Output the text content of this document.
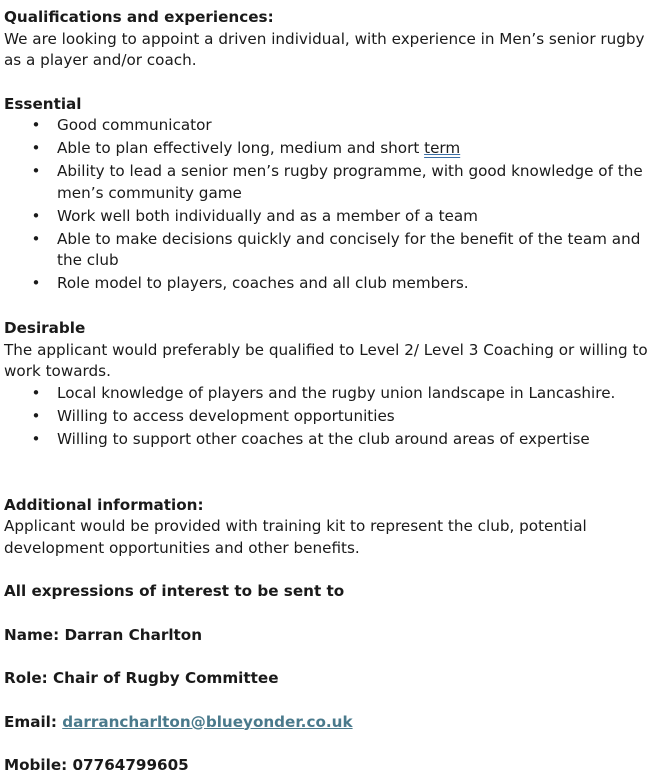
Qualifications and experiences:

We are looking to appoint a driven individual, with experience in Men’s senior rugby as a player and/or coach.

Essential

• Good communicator
• Able to plan effectively long, medium and short term
• Ability to lead a senior men’s rugby programme, with good knowledge of the men’s community game
• Work well both individually and as a member of a team
• Able to make decisions quickly and concisely for the benefit of the team and the club
• Role model to players, coaches and all club members.

Desirable

The applicant would preferably be qualified to Level 2/ Level 3 Coaching or willing to work towards.

• Local knowledge of players and the rugby union landscape in Lancashire.
• Willing to access development opportunities
• Willing to support other coaches at the club around areas of expertise

Additional information:

Applicant would be provided with training kit to represent the club, potential development opportunities and other benefits.

All expressions of interest to be sent to

Name: Darran Charlton

Role: Chair of Rugby Committee

Email: darrancharlton@blueyonder.co.uk

Mobile: 07764799605
